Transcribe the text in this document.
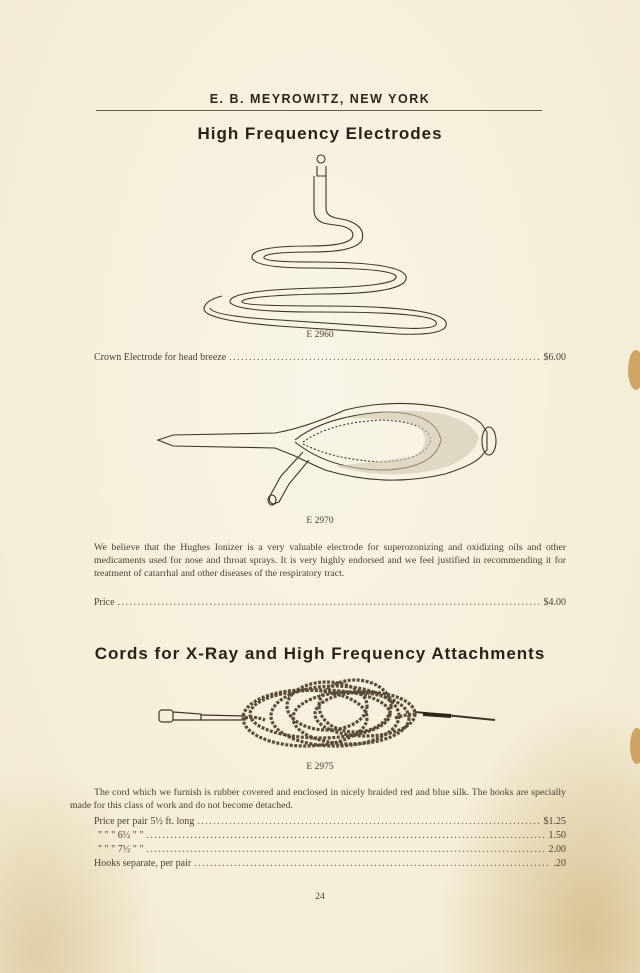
E. B. MEYROWITZ, NEW YORK
High Frequency Electrodes
E 2960
Crown Electrode for head breeze .....	$6.00
E 2970
We believe that the Hughes Ionizer is a very valuable electrode for superozonizing and oxidizing oils and other medicaments used for nose and throat sprays. It is very highly endorsed and we feel justified in recommending it for treatment of catarrhal and other diseases of the respiratory tract.
Price .....	$4.00
Cords for X-Ray and High Frequency Attachments
E 2975
The cord which we furnish is rubber covered and enclosed in nicely braided red and blue silk. The hooks are specially made for this class of work and do not become detached.
Price per pair 5½ ft. long .....	$1.25
" " " 6½ " " .....	1.50
" " " 7½ " " .....	2.00
Hooks separate, per pair .....	.20
24
